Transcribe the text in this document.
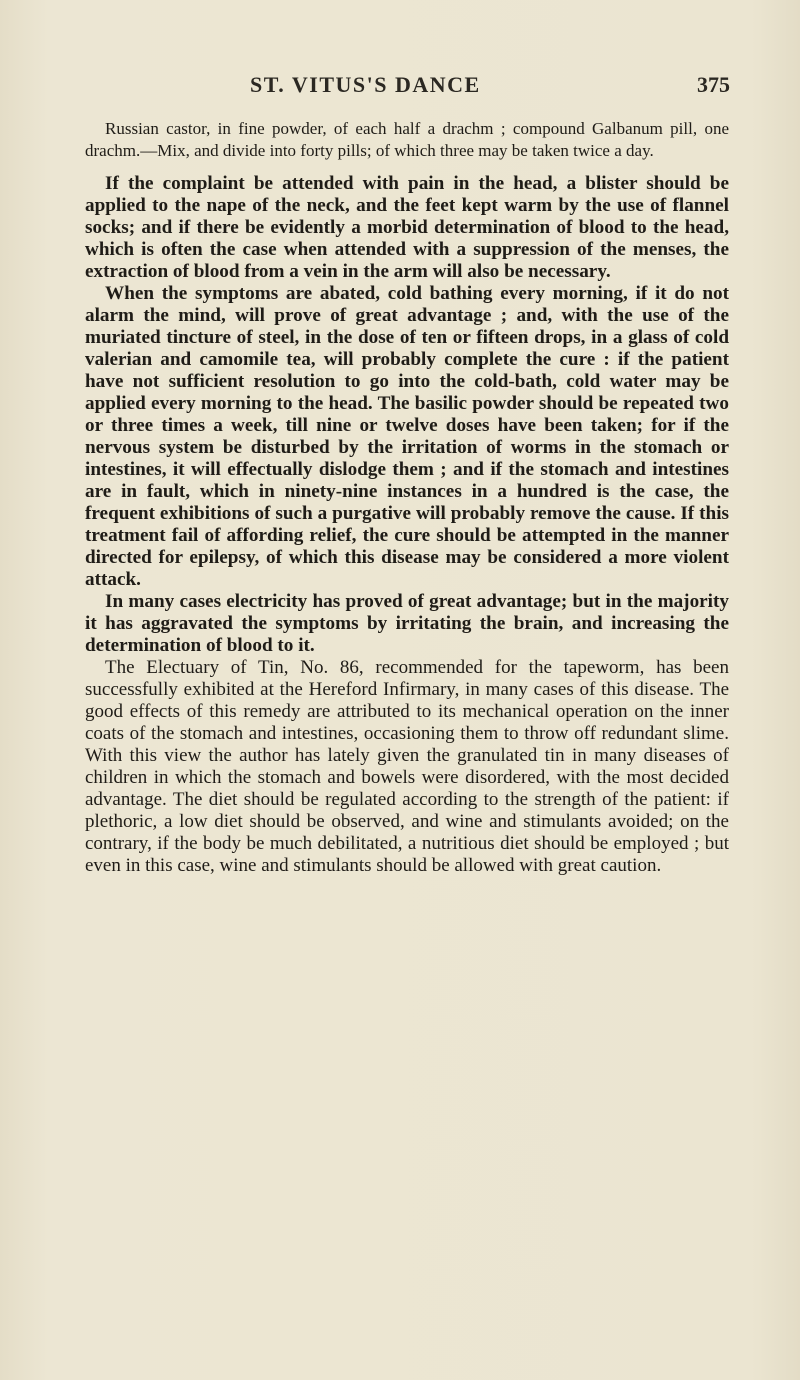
ST. VITUS'S DANCE	375

Russian castor, in fine powder, of each half a drachm ; compound Galbanum pill, one drachm.—Mix, and divide into forty pills; of which three may be taken twice a day.

If the complaint be attended with pain in the head, a blister should be applied to the nape of the neck, and the feet kept warm by the use of flannel socks; and if there be evidently a morbid determination of blood to the head, which is often the case when attended with a suppression of the menses, the extraction of blood from a vein in the arm will also be necessary.

When the symptoms are abated, cold bathing every morning, if it do not alarm the mind, will prove of great advantage ; and, with the use of the muriated tincture of steel, in the dose of ten or fifteen drops, in a glass of cold valerian and camomile tea, will probably complete the cure : if the patient have not sufficient resolution to go into the cold-bath, cold water may be applied every morning to the head. The basilic powder should be repeated two or three times a week, till nine or twelve doses have been taken; for if the nervous system be disturbed by the irritation of worms in the stomach or intestines, it will effectually dislodge them ; and if the stomach and intestines are in fault, which in ninety-nine instances in a hundred is the case, the frequent exhibitions of such a purgative will probably remove the cause. If this treatment fail of affording relief, the cure should be attempted in the manner directed for epilepsy, of which this disease may be considered a more violent attack.

In many cases electricity has proved of great advantage; but in the majority it has aggravated the symptoms by irritating the brain, and increasing the determination of blood to it.

The Electuary of Tin, No. 86, recommended for the tapeworm, has been successfully exhibited at the Hereford Infirmary, in many cases of this disease. The good effects of this remedy are attributed to its mechanical operation on the inner coats of the stomach and intestines, occasioning them to throw off redundant slime. With this view the author has lately given the granulated tin in many diseases of children in which the stomach and bowels were disordered, with the most decided advantage. The diet should be regulated according to the strength of the patient: if plethoric, a low diet should be observed, and wine and stimulants avoided; on the contrary, if the body be much debilitated, a nutritious diet should be employed ; but even in this case, wine and stimulants should be allowed with great caution.
